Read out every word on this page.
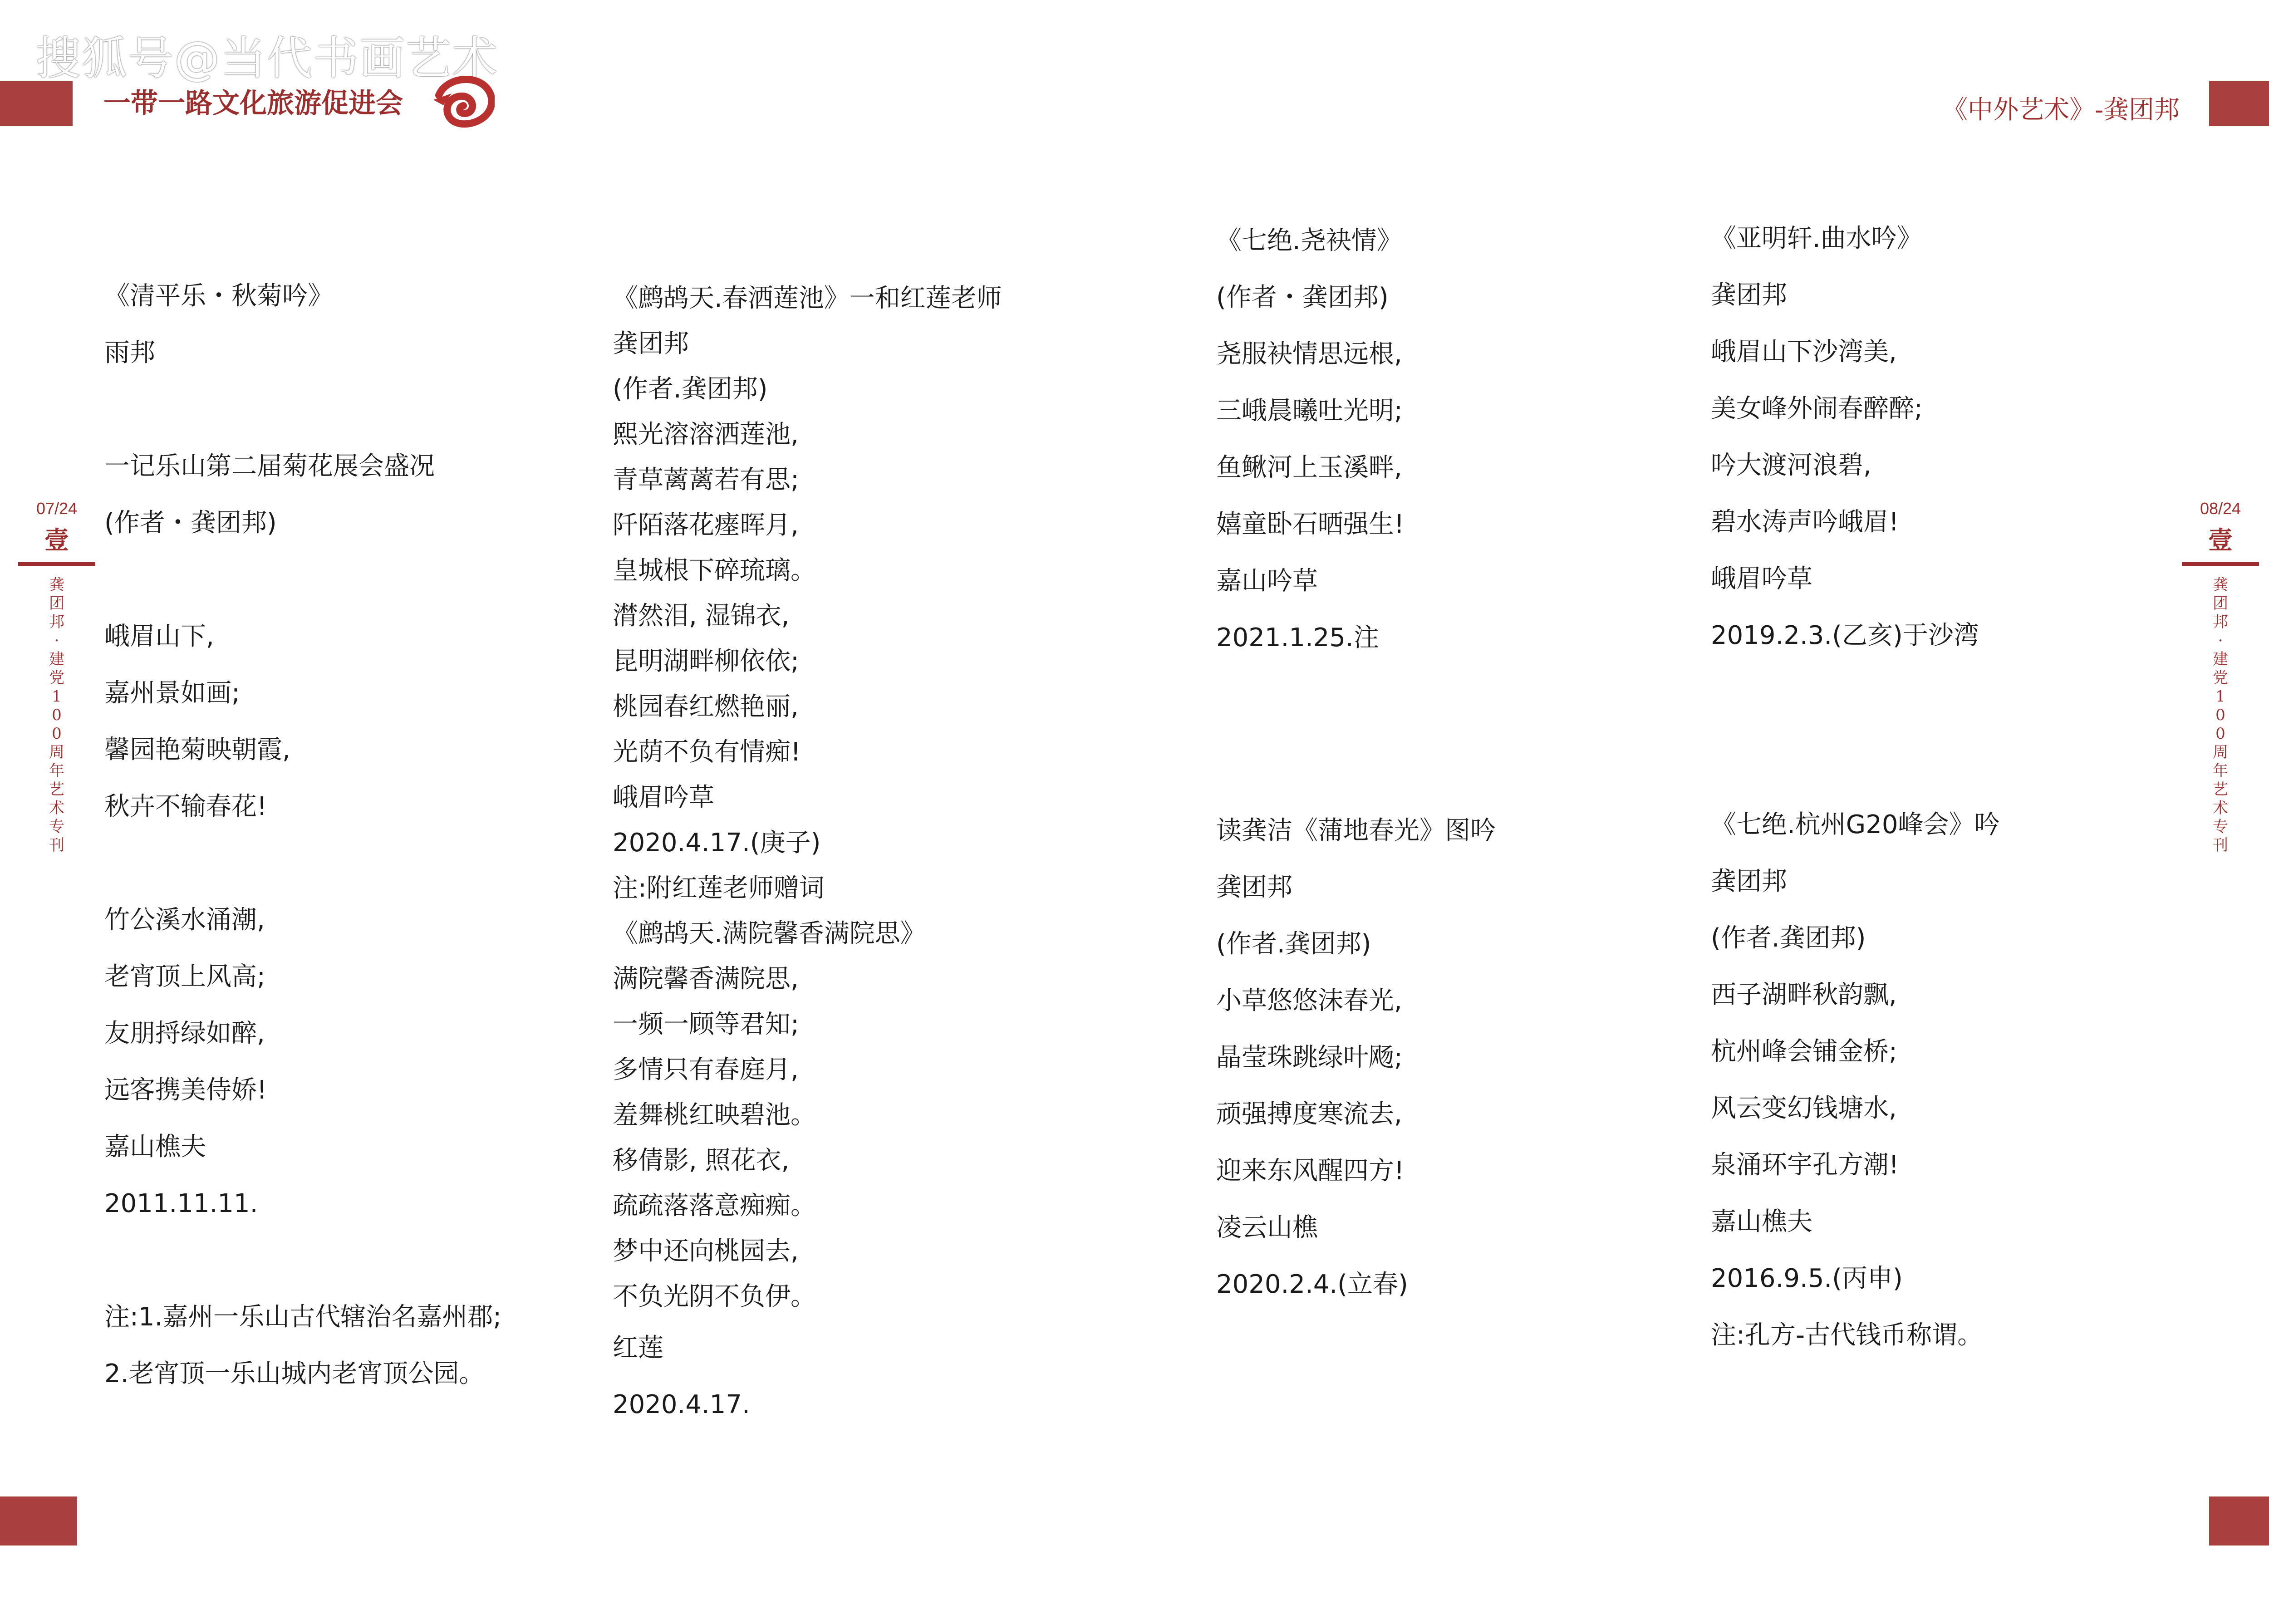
搜狐号@当代书画艺术
一带一路文化旅游促进会	《中外艺术》-龚团邦
07/24
壹
龚团邦·建党100周年艺术专刊
08/24
壹
龚团邦·建党100周年艺术专刊
《清平乐・秋菊吟》
雨邦
一记乐山第二届菊花展会盛况
(作者・龚团邦)
峨眉山下,
嘉州景如画;
馨园艳菊映朝霞,
秋卉不输春花!
竹公溪水涌潮,
老宵顶上风高;
友朋捋绿如醉,
远客携美侍娇!
嘉山樵夫
2011.11.11.
注:1.嘉州一乐山古代辖治名嘉州郡;
2.老宵顶一乐山城内老宵顶公园。
《鹧鸪天.春洒莲池》一和红莲老师
龚团邦
(作者.龚团邦)
熙光溶溶洒莲池,
青草蓠蓠若有思;
阡陌落花瘗晖月,
皇城根下碎琉璃。
潸然泪, 湿锦衣,
昆明湖畔柳依依;
桃园春红燃艳丽,
光荫不负有情痴!
峨眉吟草
2020.4.17.(庚子)
注:附红莲老师赠词
《鹧鸪天.满院馨香满院思》
满院馨香满院思,
一频一顾等君知;
多情只有春庭月,
羞舞桃红映碧池。
移倩影, 照花衣,
疏疏落落意痴痴。
梦中还向桃园去,
不负光阴不负伊。
红莲
2020.4.17.
《七绝.尧袂情》
(作者・龚团邦)
尧服袂情思远根,
三峨晨曦吐光明;
鱼鳅河上玉溪畔,
嬉童卧石晒强生!
嘉山吟草
2021.1.25.注
读龚洁《蒲地春光》图吟
龚团邦
(作者.龚团邦)
小草悠悠沫春光,
晶莹珠跳绿叶飏;
顽强搏度寒流去,
迎来东风醒四方!
凌云山樵
2020.2.4.(立春)
《亚明轩.曲水吟》
龚团邦
峨眉山下沙湾美,
美女峰外闹春醉醉;
吟大渡河浪碧,
碧水涛声吟峨眉!
峨眉吟草
2019.2.3.(乙亥)于沙湾
《七绝.杭州G20峰会》吟
龚团邦
(作者.龚团邦)
西子湖畔秋韵飘,
杭州峰会铺金桥;
风云变幻钱塘水,
泉涌环宇孔方潮!
嘉山樵夫
2016.9.5.(丙申)
注:孔方-古代钱币称谓。
